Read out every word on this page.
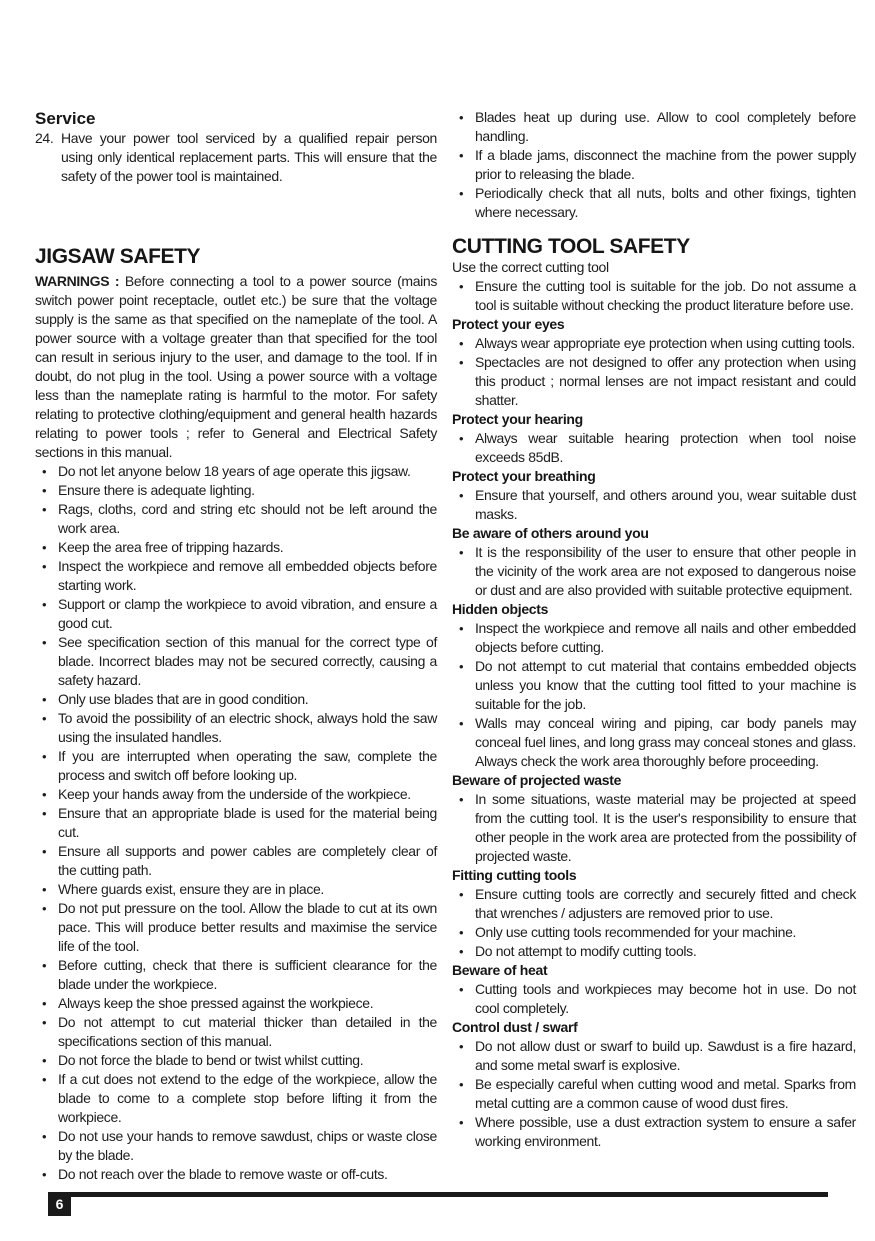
Service
24. Have your power tool serviced by a qualified repair person using only identical replacement parts. This will ensure that the safety of the power tool is maintained.
JIGSAW SAFETY

WARNINGS : Before connecting a tool to a power source (mains switch power point receptacle, outlet etc.) be sure that the voltage supply is the same as that specified on the nameplate of the tool. A power source with a voltage greater than that specified for the tool can result in serious injury to the user, and damage to the tool. If in doubt, do not plug in the tool. Using a power source with a voltage less than the nameplate rating is harmful to the motor. For safety relating to protective clothing/equipment and general health hazards relating to power tools ; refer to General and Electrical Safety sections in this manual.

• Do not let anyone below 18 years of age operate this jigsaw.
• Ensure there is adequate lighting.
• Rags, cloths, cord and string etc should not be left around the work area.
• Keep the area free of tripping hazards.
• Inspect the workpiece and remove all embedded objects before starting work.
• Support or clamp the workpiece to avoid vibration, and ensure a good cut.
• See specification section of this manual for the correct type of blade. Incorrect blades may not be secured correctly, causing a safety hazard.
• Only use blades that are in good condition.
• To avoid the possibility of an electric shock, always hold the saw using the insulated handles.
• If you are interrupted when operating the saw, complete the process and switch off before looking up.
• Keep your hands away from the underside of the workpiece.
• Ensure that an appropriate blade is used for the material being cut.
• Ensure all supports and power cables are completely clear of the cutting path.
• Where guards exist, ensure they are in place.
• Do not put pressure on the tool. Allow the blade to cut at its own pace. This will produce better results and maximise the service life of the tool.
• Before cutting, check that there is sufficient clearance for the blade under the workpiece.
• Always keep the shoe pressed against the workpiece.
• Do not attempt to cut material thicker than detailed in the specifications section of this manual.
• Do not force the blade to bend or twist whilst cutting.
• If a cut does not extend to the edge of the workpiece, allow the blade to come to a complete stop before lifting it from the workpiece.
• Do not use your hands to remove sawdust, chips or waste close by the blade.
• Do not reach over the blade to remove waste or off-cuts.
• Blades heat up during use. Allow to cool completely before handling.
• If a blade jams, disconnect the machine from the power supply prior to releasing the blade.
• Periodically check that all nuts, bolts and other fixings, tighten where necessary.
CUTTING TOOL SAFETY

Use the correct cutting tool

• Ensure the cutting tool is suitable for the job. Do not assume a tool is suitable without checking the product literature before use.
Protect your eyes
• Always wear appropriate eye protection when using cutting tools.
• Spectacles are not designed to offer any protection when using this product ; normal lenses are not impact resistant and could shatter.
Protect your hearing
• Always wear suitable hearing protection when tool noise exceeds 85dB.
Protect your breathing
• Ensure that yourself, and others around you, wear suitable dust masks.
Be aware of others around you
• It is the responsibility of the user to ensure that other people in the vicinity of the work area are not exposed to dangerous noise or dust and are also provided with suitable protective equipment.
Hidden objects
• Inspect the workpiece and remove all nails and other embedded objects before cutting.
• Do not attempt to cut material that contains embedded objects unless you know that the cutting tool fitted to your machine is suitable for the job.
• Walls may conceal wiring and piping, car body panels may conceal fuel lines, and long grass may conceal stones and glass. Always check the work area thoroughly before proceeding.
Beware of projected waste
• In some situations, waste material may be projected at speed from the cutting tool. It is the user's responsibility to ensure that other people in the work area are protected from the possibility of projected waste.
Fitting cutting tools
• Ensure cutting tools are correctly and securely fitted and check that wrenches / adjusters are removed prior to use.
• Only use cutting tools recommended for your machine.
• Do not attempt to modify cutting tools.
Beware of heat
• Cutting tools and workpieces may become hot in use. Do not cool completely.
Control dust / swarf
• Do not allow dust or swarf to build up. Sawdust is a fire hazard, and some metal swarf is explosive.
• Be especially careful when cutting wood and metal. Sparks from metal cutting are a common cause of wood dust fires.
• Where possible, use a dust extraction system to ensure a safer working environment.
6
